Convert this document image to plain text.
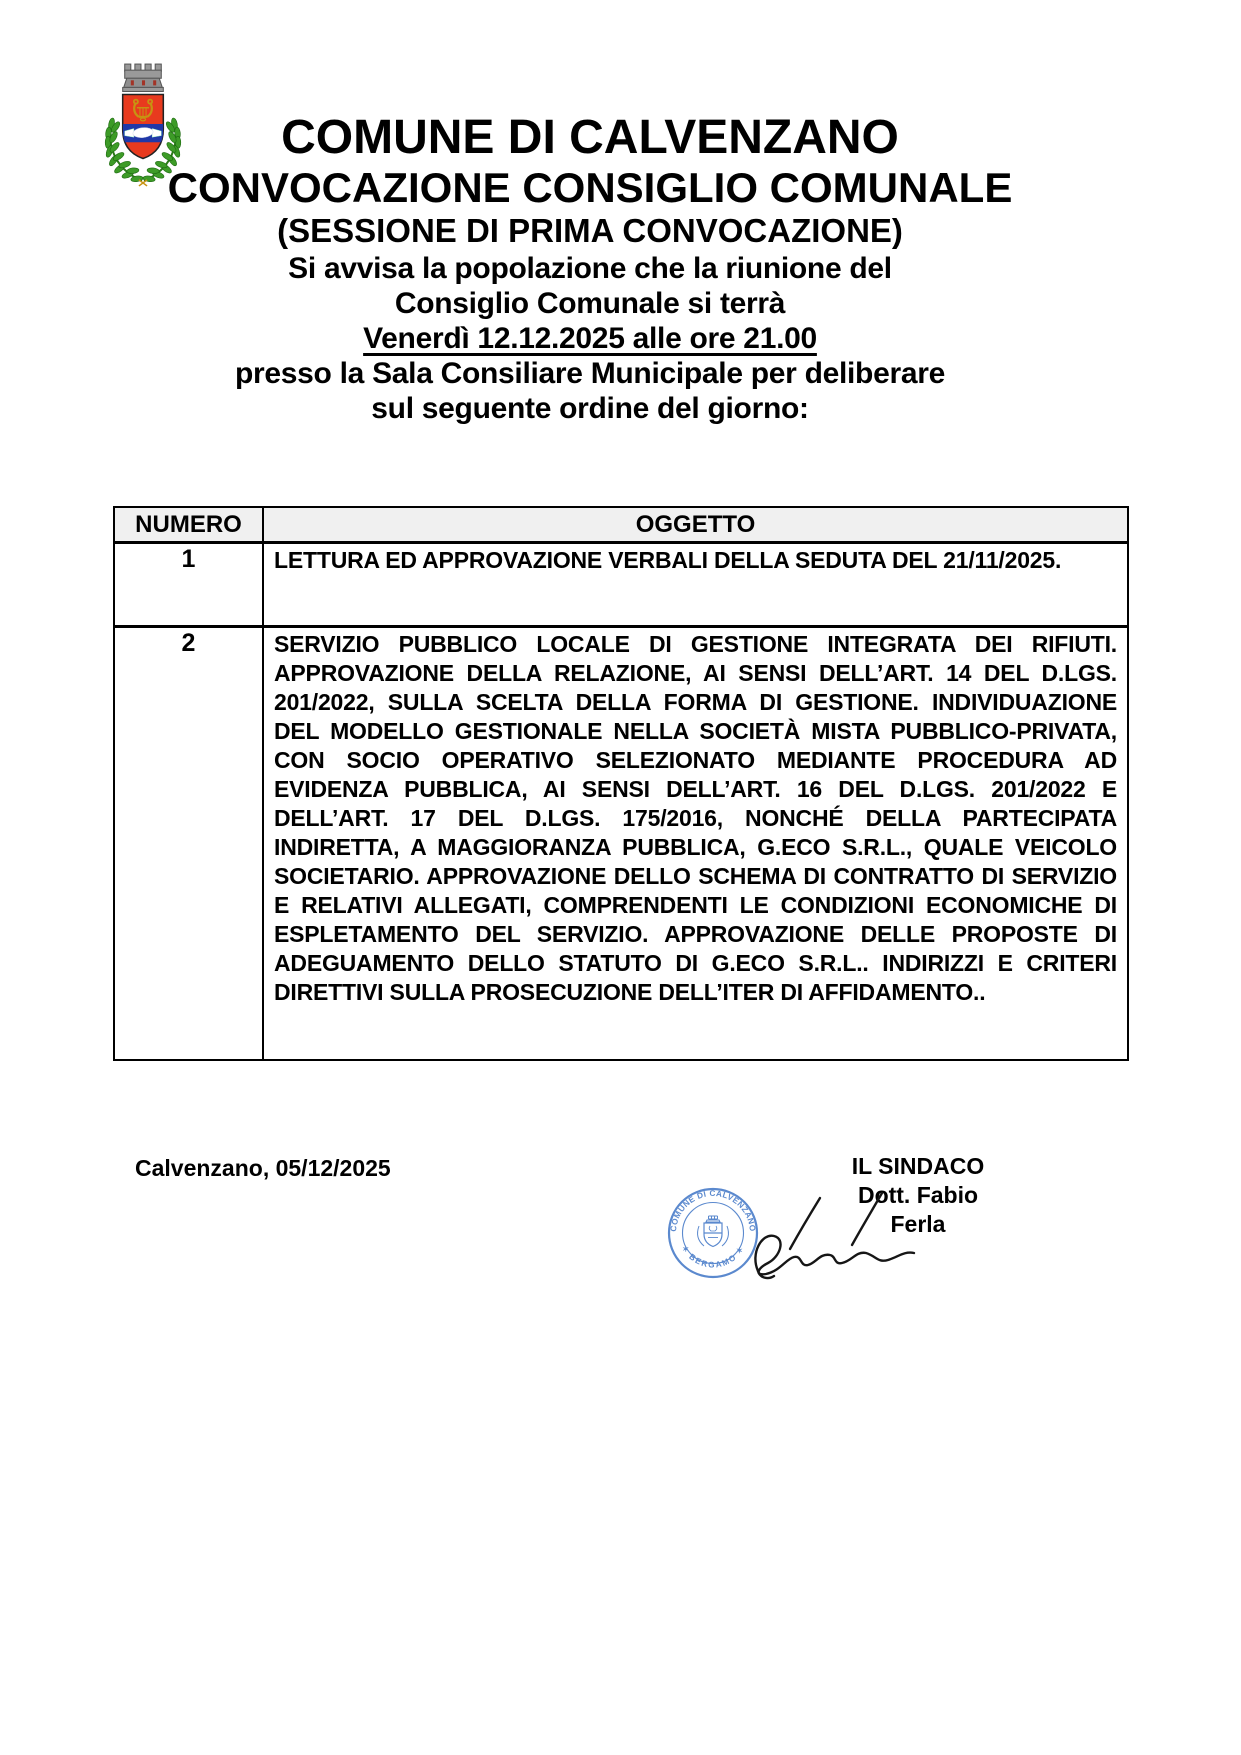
COMUNE DI CALVENZANO
CONVOCAZIONE CONSIGLIO COMUNALE
(SESSIONE DI PRIMA CONVOCAZIONE)
Si avvisa la popolazione che la riunione del
Consiglio Comunale si terrà
Venerdì 12.12.2025 alle ore 21.00
presso la Sala Consiliare Municipale per deliberare
sul seguente ordine del giorno:
NUMERO	OGGETTO
1	LETTURA ED APPROVAZIONE VERBALI DELLA SEDUTA DEL 21/11/2025.
2	SERVIZIO PUBBLICO LOCALE DI GESTIONE INTEGRATA DEI RIFIUTI. APPROVAZIONE DELLA RELAZIONE, AI SENSI DELL’ART. 14 DEL D.LGS. 201/2022, SULLA SCELTA DELLA FORMA DI GESTIONE. INDIVIDUAZIONE DEL MODELLO GESTIONALE NELLA SOCIETÀ MISTA PUBBLICO-PRIVATA, CON SOCIO OPERATIVO SELEZIONATO MEDIANTE PROCEDURA AD EVIDENZA PUBBLICA, AI SENSI DELL’ART. 16 DEL D.LGS. 201/2022 E DELL’ART. 17 DEL D.LGS. 175/2016, NONCHÉ DELLA PARTECIPATA INDIRETTA, A MAGGIORANZA PUBBLICA, G.ECO S.R.L., QUALE VEICOLO SOCIETARIO. APPROVAZIONE DELLO SCHEMA DI CONTRATTO DI SERVIZIO E RELATIVI ALLEGATI, COMPRENDENTI LE CONDIZIONI ECONOMICHE DI ESPLETAMENTO DEL SERVIZIO. APPROVAZIONE DELLE PROPOSTE DI ADEGUAMENTO DELLO STATUTO DI G.ECO S.R.L.. INDIRIZZI E CRITERI DIRETTIVI SULLA PROSECUZIONE DELL’ITER DI AFFIDAMENTO..
Calvenzano, 05/12/2025	IL SINDACO
Dott. Fabio Ferla
COMUNE DI CALVENZANO
✶ BERGAMO ✶
